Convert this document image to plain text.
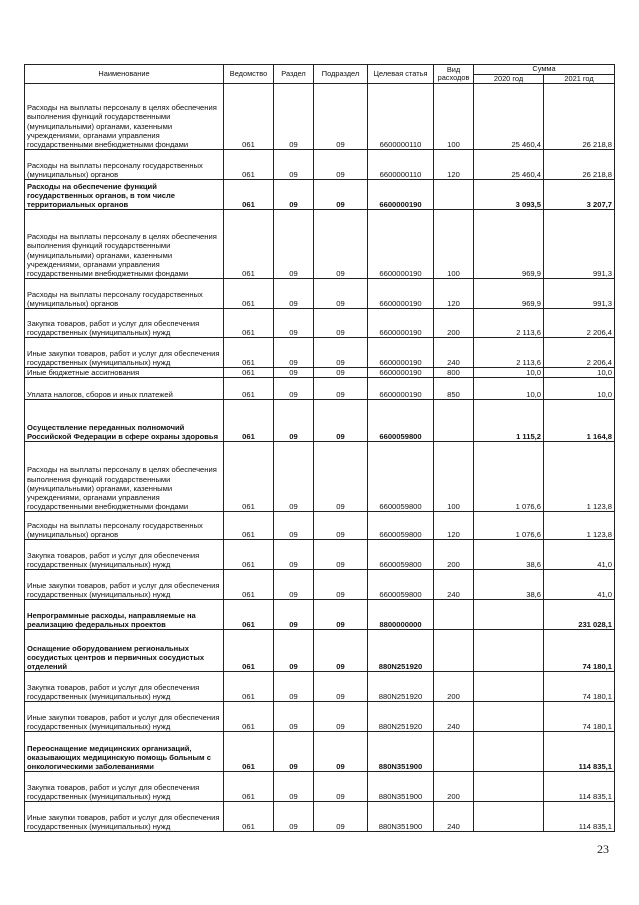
Наименование	Ведомство	Раздел	Подраздел	Целевая статья	Вид расходов	Сумма	
						2020 год	2021 год
Расходы на выплаты персоналу в целях обеспечения выполнения функций государственными (муниципальными) органами, казенными учреждениями, органами управления государственными внебюджетными фондами	061	09	09	6600000110	100	25 460,4	26 218,8
Расходы на выплаты персоналу государственных (муниципальных) органов	061	09	09	6600000110	120	25 460,4	26 218,8
Расходы на обеспечение функций государственных органов, в том числе территориальных органов	061	09	09	6600000190		3 093,5	3 207,7
Расходы на выплаты персоналу в целях обеспечения выполнения функций государственными (муниципальными) органами, казенными учреждениями, органами управления государственными внебюджетными фондами	061	09	09	6600000190	100	969,9	991,3
Расходы на выплаты персоналу государственных (муниципальных) органов	061	09	09	6600000190	120	969,9	991,3
Закупка товаров, работ и услуг для обеспечения государственных (муниципальных) нужд	061	09	09	6600000190	200	2 113,6	2 206,4
Иные закупки товаров, работ и услуг для обеспечения государственных (муниципальных) нужд	061	09	09	6600000190	240	2 113,6	2 206,4
Иные бюджетные ассигнования	061	09	09	6600000190	800	10,0	10,0
Уплата налогов, сборов и иных платежей	061	09	09	6600000190	850	10,0	10,0
Осуществление переданных полномочий Российской Федерации в сфере охраны здоровья	061	09	09	6600059800		1 115,2	1 164,8
Расходы на выплаты персоналу в целях обеспечения выполнения функций государственными (муниципальными) органами, казенными учреждениями, органами управления государственными внебюджетными фондами	061	09	09	6600059800	100	1 076,6	1 123,8
Расходы на выплаты персоналу государственных (муниципальных) органов	061	09	09	6600059800	120	1 076,6	1 123,8
Закупка товаров, работ и услуг для обеспечения государственных (муниципальных) нужд	061	09	09	6600059800	200	38,6	41,0
Иные закупки товаров, работ и услуг для обеспечения государственных (муниципальных) нужд	061	09	09	6600059800	240	38,6	41,0
Непрограммные расходы, направляемые на реализацию федеральных проектов	061	09	09	8800000000			231 028,1
Оснащение оборудованием региональных сосудистых центров и первичных сосудистых отделений	061	09	09	880N251920			74 180,1
Закупка товаров, работ и услуг для обеспечения государственных (муниципальных) нужд	061	09	09	880N251920	200		74 180,1
Иные закупки товаров, работ и услуг для обеспечения государственных (муниципальных) нужд	061	09	09	880N251920	240		74 180,1
Переоснащение медицинских организаций, оказывающих медицинскую помощь больным с онкологическими заболеваниями	061	09	09	880N351900			114 835,1
Закупка товаров, работ и услуг для обеспечения государственных (муниципальных) нужд	061	09	09	880N351900	200		114 835,1
Иные закупки товаров, работ и услуг для обеспечения государственных (муниципальных) нужд	061	09	09	880N351900	240		114 835,1
23
